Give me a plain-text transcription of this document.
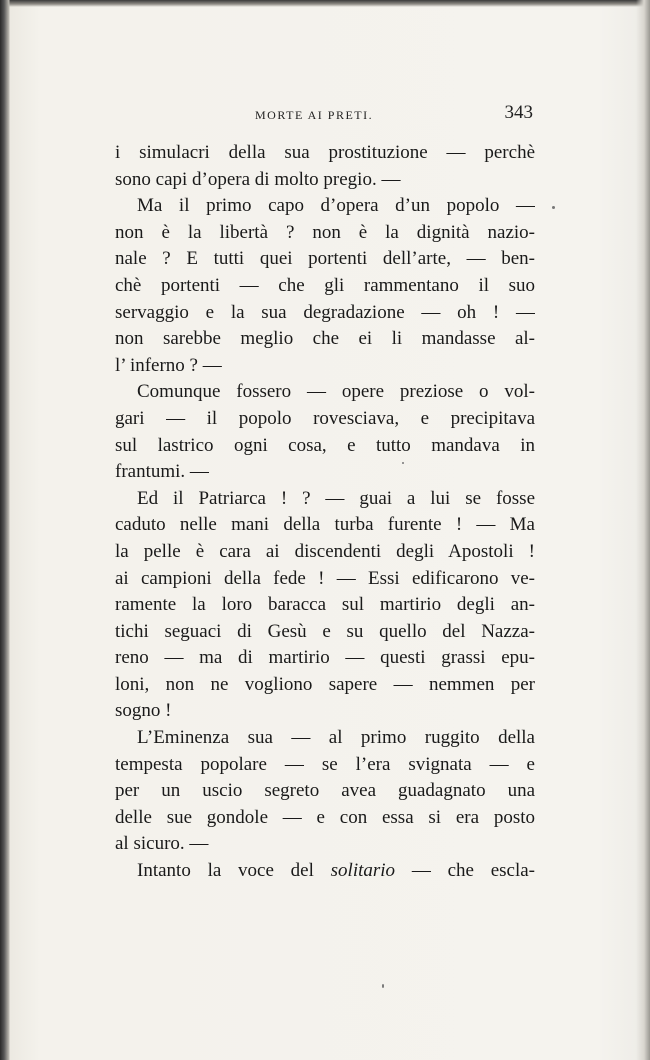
MORTE AI PRETI.	343
i simulacri della sua prostituzione — perchè
sono capi d’opera di molto pregio. —
Ma il primo capo d’opera d’un popolo —
non è la libertà ? non è la dignità nazio-
nale ? E tutti quei portenti dell’arte, — ben-
chè portenti — che gli rammentano il suo
servaggio e la sua degradazione — oh ! —
non sarebbe meglio che ei li mandasse al-
l’ inferno ? —
Comunque fossero — opere preziose o vol-
gari — il popolo rovesciava, e precipitava
sul lastrico ogni cosa, e tutto mandava in
frantumi. —
Ed il Patriarca ! ? — guai a lui se fosse
caduto nelle mani della turba furente ! — Ma
la pelle è cara ai discendenti degli Apostoli !
ai campioni della fede ! — Essi edificarono ve-
ramente la loro baracca sul martirio degli an-
tichi seguaci di Gesù e su quello del Nazza-
reno — ma di martirio — questi grassi epu-
loni, non ne vogliono sapere — nemmen per
sogno !
L’Eminenza sua — al primo ruggito della
tempesta popolare — se l’era svignata — e
per un uscio segreto avea guadagnato una
delle sue gondole — e con essa si era posto
al sicuro. —
Intanto la voce del solitario — che escla-
